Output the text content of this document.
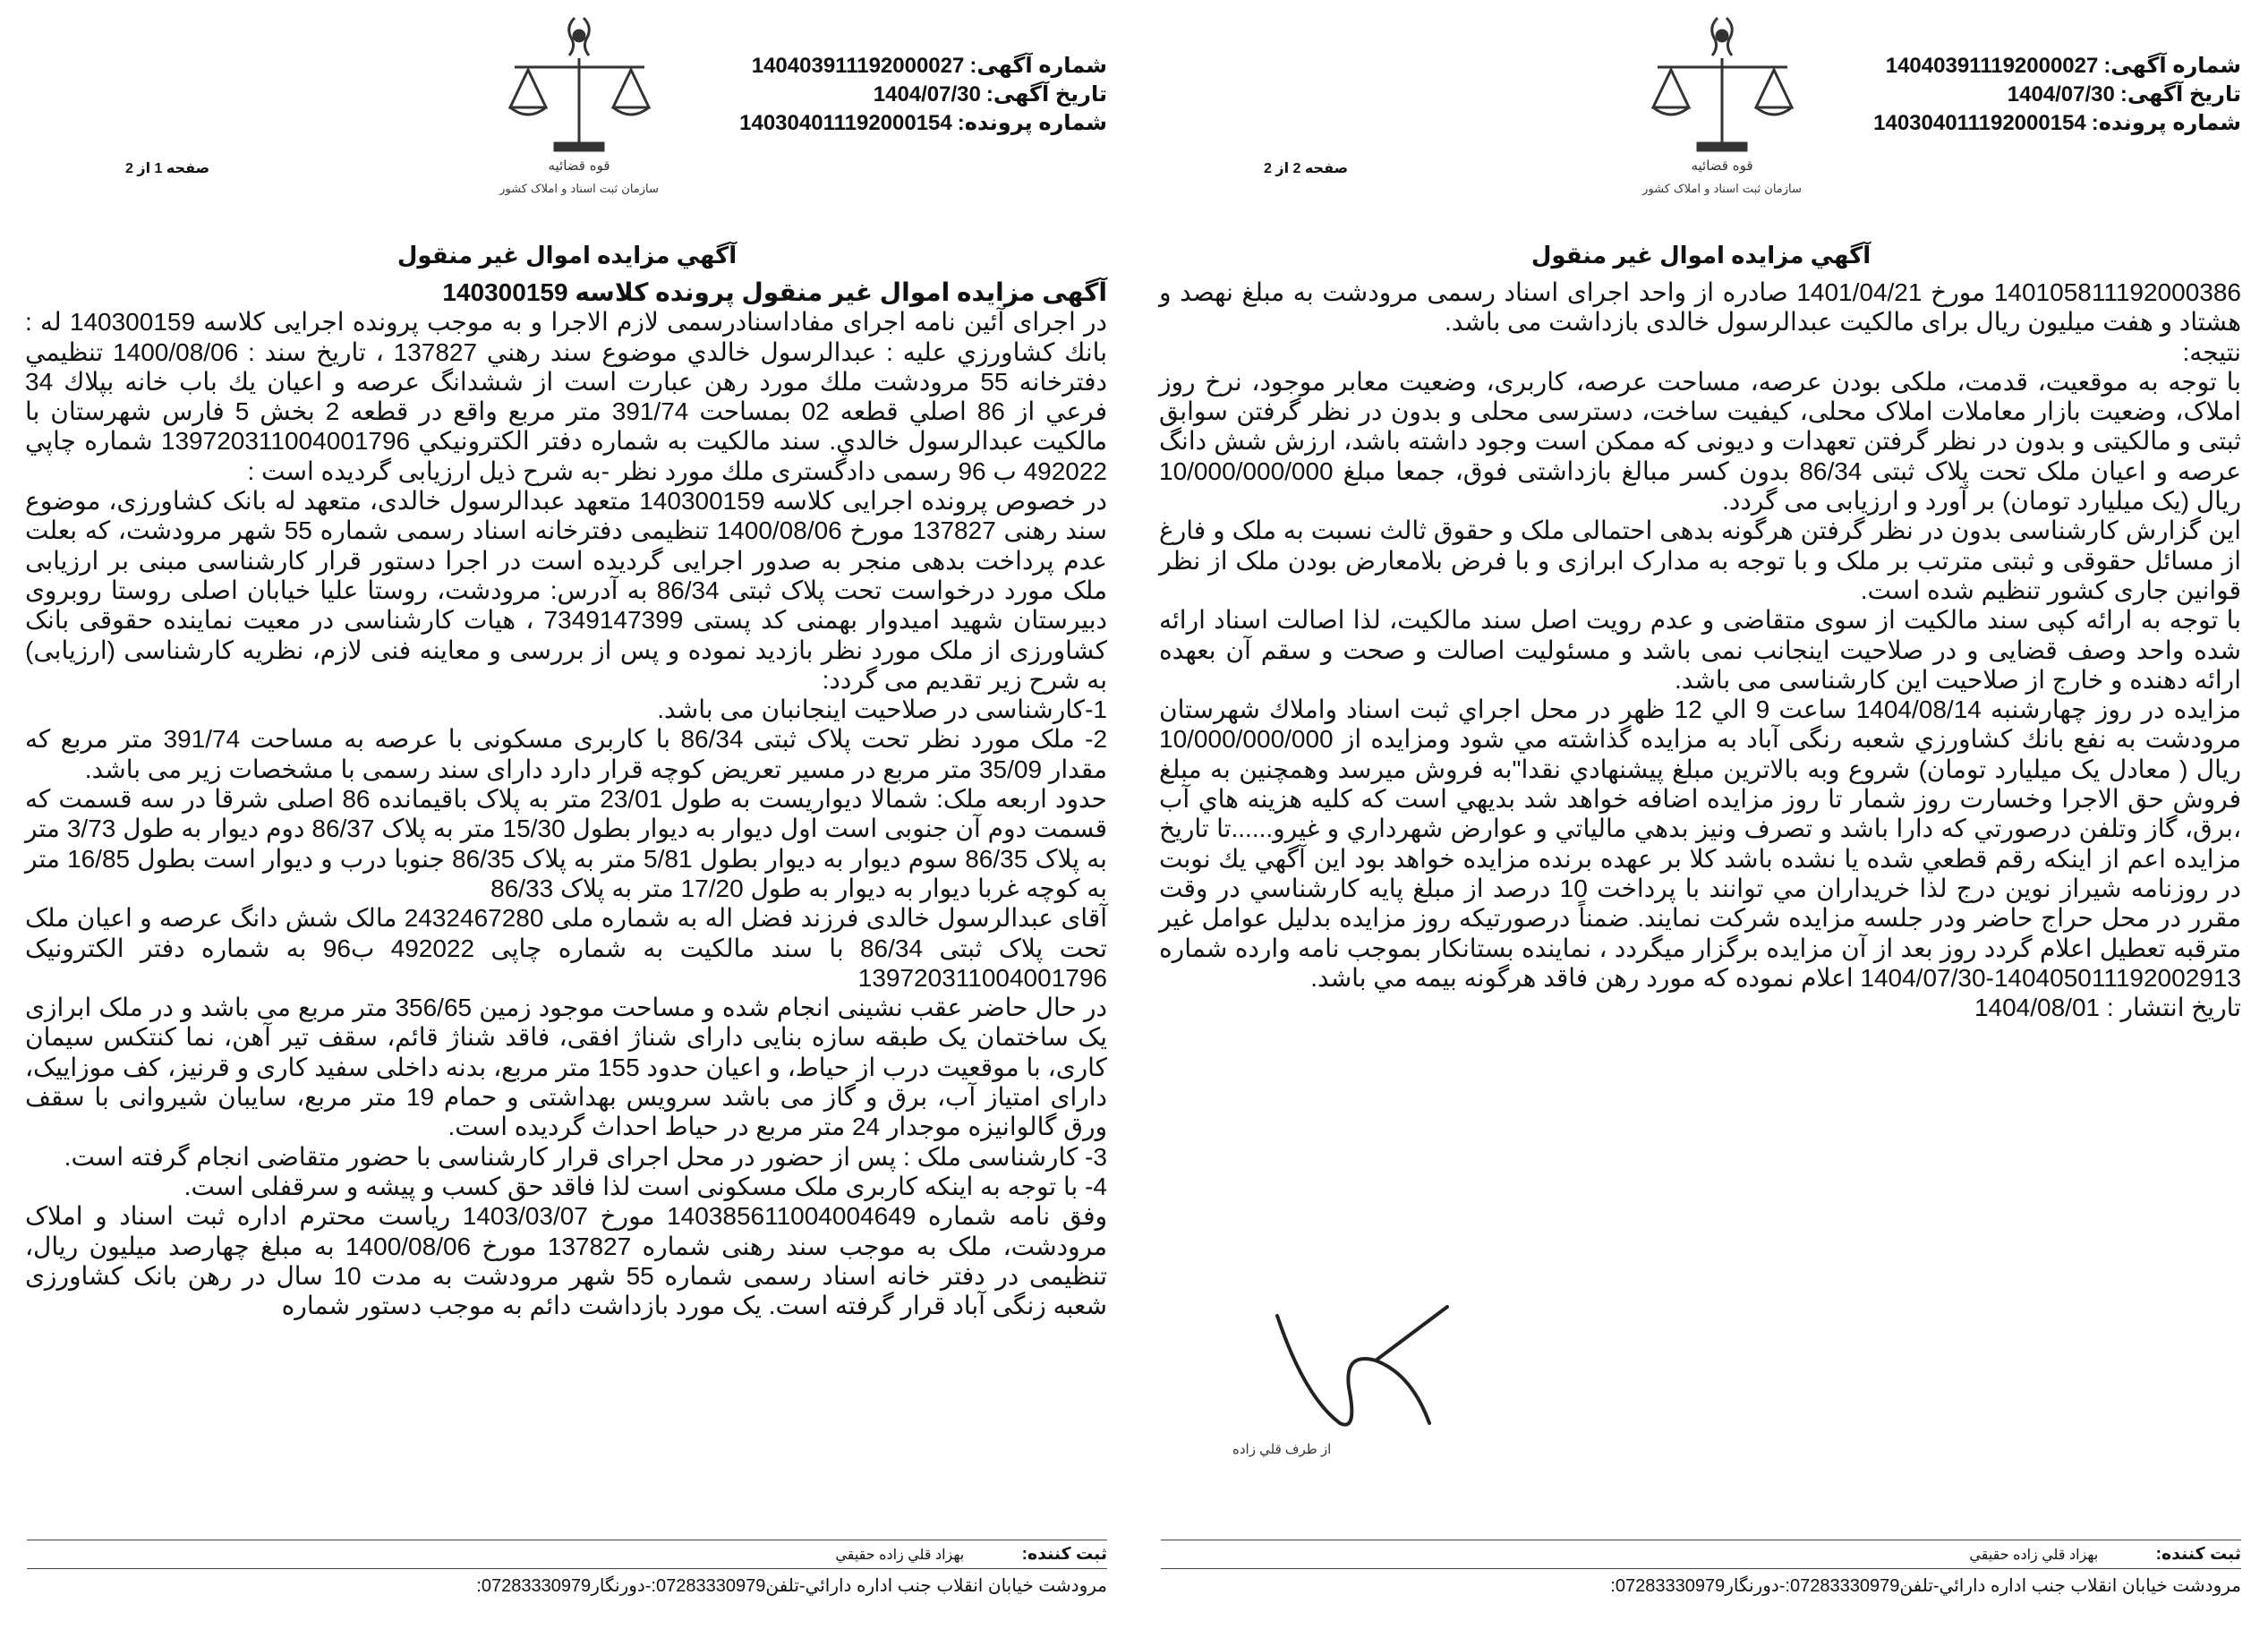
شماره آگهی:140403911192000027
تاریخ آگهی:1404/07/30
شماره پرونده:140304011192000154
قوه قضائیه
سازمان ثبت اسناد و املاک کشور
صفحه 1 از 2
آگهي مزايده اموال غير منقول

آگهی مزایده اموال غیر منقول پرونده کلاسه 140300159

در اجرای آئین نامه اجرای مفاداسنادرسمی لازم الاجرا و به موجب پرونده اجرایی کلاسه 140300159 له : بانك كشاورزي عليه : عبدالرسول خالدي موضوع سند رهني 137827 ، تاریخ سند : 1400/08/06 تنظيمي دفترخانه 55 مرودشت ملك مورد رهن عبارت است از ششدانگ عرصه و اعيان يك باب خانه بپلاك 34 فرعي از 86 اصلي قطعه 02 بمساحت 391/74 متر مربع واقع در قطعه 2 بخش 5 فارس شهرستان با مالكيت عبدالرسول خالدي. سند مالكيت به شماره دفتر الكترونيكي 13972031100400179‌6 شماره چاپي 492022 ب 96 رسمی دادگستری ملك مورد نظر -به شرح ذيل ارزيابی گرديده است :

در خصوص پرونده اجرایی کلاسه 140300159 متعهد عبدالرسول خالدی، متعهد له بانک کشاورزی، موضوع سند رهنی 137827 مورخ 1400/08/06 تنظیمی دفترخانه اسناد رسمی شماره 55 شهر مرودشت، که بعلت عدم پرداخت بدهی منجر به صدور اجرایی گردیده است در اجرا دستور قرار کارشناسی مبنی بر ارزیابی ملک مورد درخواست تحت پلاک ثبتی 86/34 به آدرس: مرودشت، روستا علیا خیابان اصلی روستا روبروی دبیرستان شهید امیدوار بهمنی کد پستی 7349147399 ، هیات کارشناسی در معیت نماینده حقوقی بانک کشاورزی از ملک مورد نظر بازدید نموده و پس از بررسی و معاینه فنی لازم، نظریه کارشناسی (ارزیابی) به شرح زیر تقدیم می گردد:

1-کارشناسی در صلاحیت اینجانبان می باشد.

2- ملک مورد نظر تحت پلاک ثبتی 86/34 با کاربری مسکونی با عرصه به مساحت 391/74 متر مربع که مقدار 35/09 متر مربع در مسیر تعریض کوچه قرار دارد دارای سند رسمی با مشخصات زیر می باشد.

حدود اربعه ملک: شمالا دیواریست به طول 23/01 متر به پلاک باقیمانده 86 اصلی شرقا در سه قسمت که قسمت دوم آن جنوبی است اول دیوار به دیوار بطول 15/30 متر به پلاک 86/37 دوم دیوار به طول 3/73 متر به پلاک 86/35 سوم دیوار به دیوار بطول 5/81 متر به پلاک 86/35 جنوبا درب و دیوار است بطول 16/85 متر به کوچه غربا دیوار به دیوار به طول 17/20 متر به پلاک 86/33

آقای عبدالرسول خالدی فرزند فضل اله به شماره ملی 2432467280 مالک شش دانگ عرصه و اعیان ملک تحت پلاک ثبتی 86/34 با سند مالکیت به شماره چاپی 492022 ب96 به شماره دفتر الکترونیک 139720311004001796

در حال حاضر عقب نشینی انجام شده و مساحت موجود زمین 356/65 متر مربع می باشد و در ملک ابرازی یک ساختمان یک طبقه سازه بنایی دارای شناژ افقی، فاقد شناژ قائم، سقف تیر آهن، نما کنتکس سیمان کاری، با موقعیت درب از حیاط، و اعیان حدود 155 متر مربع، بدنه داخلی سفید کاری و قرنیز، کف موزاییک، دارای امتیاز آب، برق و گاز می باشد سرویس بهداشتی و حمام 19 متر مربع، سایبان شیروانی با سقف ورق گالوانیزه موجدار 24 متر مربع در حیاط احداث گردیده است.

3- کارشناسی ملک : پس از حضور در محل اجرای قرار کارشناسی با حضور متقاضی انجام گرفته است.

4- با توجه به اینکه کاربری ملک مسکونی است لذا فاقد حق کسب و پیشه و سرقفلی است.

وفق نامه شماره 140385611004004649 مورخ 1403/03/07 ریاست محترم اداره ثبت اسناد و املاک مرودشت، ملک به موجب سند رهنی شماره 137827 مورخ 1400/08/06 به مبلغ چهارصد میلیون ریال، تنظیمی در دفتر خانه اسناد رسمی شماره 55 شهر مرودشت به مدت 10 سال در رهن بانک کشاورزی شعبه زنگی آباد قرار گرفته است. یک مورد بازداشت دائم به موجب دستور شماره

ثبت کننده: بهزاد قلي زاده حقيقي
مرودشت خيابان انقلاب جنب اداره دارائي-تلفن07283330979:-دورنگار07283330979:
شماره آگهی:140403911192000027
تاریخ آگهی:1404/07/30
شماره پرونده:140304011192000154
قوه قضائیه
سازمان ثبت اسناد و املاک کشور
صفحه 2 از 2
آگهي مزايده اموال غير منقول

14010581119200038‌6 مورخ 1401/04/21 صادره از واحد اجرای اسناد رسمی مرودشت به مبلغ نهصد و هشتاد و هفت میلیون ریال برای مالکیت عبدالرسول خالدی بازداشت می باشد.

نتیجه:

با توجه به موقعیت، قدمت، ملکی بودن عرصه، مساحت عرصه، کاربری، وضعیت معابر موجود، نرخ روز املاک، وضعیت بازار معاملات املاک محلی، کیفیت ساخت، دسترسی محلی و بدون در نظر گرفتن سوابق ثبتی و مالکیتی و بدون در نظر گرفتن تعهدات و دیونی که ممکن است وجود داشته باشد، ارزش شش دانگ عرصه و اعیان ملک تحت پلاک ثبتی 86/34 بدون کسر مبالغ بازداشتی فوق، جمعا مبلغ 10/000/000/000 ریال (یک میلیارد تومان) بر آورد و ارزیابی می گردد.

این گزارش کارشناسی بدون در نظر گرفتن هرگونه بدهی احتمالی ملک و حقوق ثالث نسبت به ملک و فارغ از مسائل حقوقی و ثبتی مترتب بر ملک و با توجه به مدارک ابرازی و با فرض بلامعارض بودن ملک از نظر قوانین جاری کشور تنظیم شده است.

با توجه به ارائه کپی سند مالکیت از سوی متقاضی و عدم رویت اصل سند مالکیت، لذا اصالت اسناد ارائه شده واحد وصف قضایی و در صلاحیت اینجانب نمی باشد و مسئولیت اصالت و صحت و سقم آن بعهده ارائه دهنده و خارج از صلاحیت این کارشناسی می باشد.

مزايده در روز چهارشنبه 1404/08/14 ساعت 9 الي 12 ظهر در محل اجراي ثبت اسناد واملاك شهرستان مرودشت به نفع بانك كشاورزي شعبه رنگی آباد به مزايده گذاشته مي شود ومزايده از 10/000/000/000 ریال ( معادل یک میلیارد تومان) شروع وبه بالاترين مبلغ پيشنهادي نقدا"به فروش ميرسد وهمچنين به مبلغ فروش حق الاجرا وخسارت روز شمار تا روز مزايده اضافه خواهد شد بديهي است كه كليه هزينه هاي آب ،برق، گاز وتلفن درصورتي كه دارا باشد و تصرف ونيز بدهي مالياتي و عوارض شهرداري و غيرو......تا تاريخ مزايده اعم از اينكه رقم قطعي شده يا نشده باشد كلا بر عهده برنده مزايده خواهد بود اين آگهي يك نوبت در روزنامه شيراز نوين درج لذا خريداران مي توانند با پرداخت 10 درصد از مبلغ پايه كارشناسي در وقت مقرر در محل حراج حاضر ودر جلسه مزايده شركت نمايند. ضمناً درصورتيكه روز مزايده بدليل عوامل غير مترقبه تعطيل اعلام گردد روز بعد از آن مزايده برگزار ميگردد ، نماينده بستانكار بموجب نامه وارده شماره 140405011192002913-1404/07/30 اعلام نموده كه مورد رهن فاقد هرگونه بيمه مي باشد.

تاریخ انتشار : 1404/08/01

از طرف قلي زاده
ثبت کننده: بهزاد قلي زاده حقيقي
مرودشت خيابان انقلاب جنب اداره دارائي-تلفن07283330979:-دورنگار07283330979:
